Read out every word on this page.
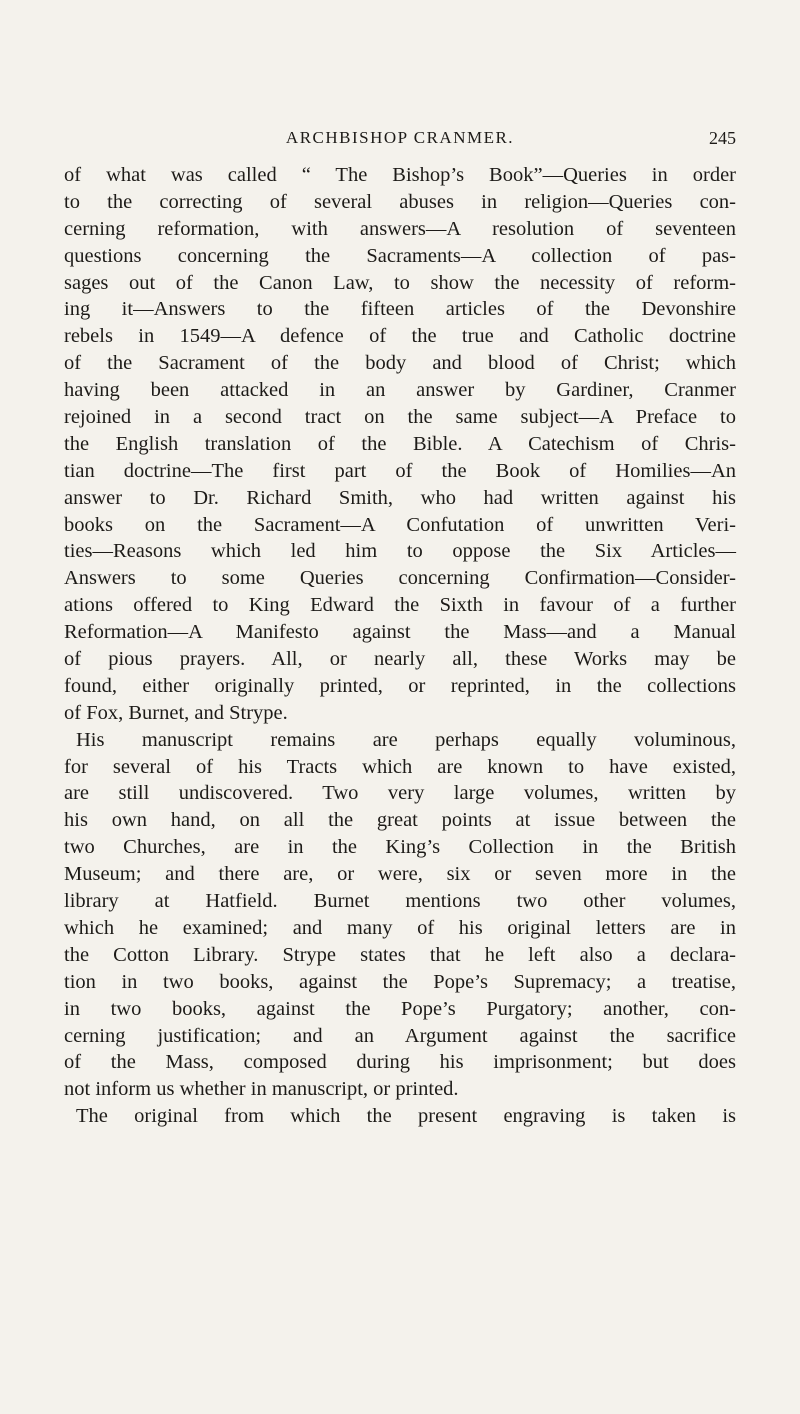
ARCHBISHOP CRANMER.	245
of what was called “ The Bishop’s Book”—Queries in order
to the correcting of several abuses in religion—Queries con-
cerning reformation, with answers—A resolution of seventeen
questions concerning the Sacraments—A collection of pas-
sages out of the Canon Law, to show the necessity of reform-
ing it—Answers to the fifteen articles of the Devonshire
rebels in 1549—A defence of the true and Catholic doctrine
of the Sacrament of the body and blood of Christ; which
having been attacked in an answer by Gardiner, Cranmer
rejoined in a second tract on the same subject—A Preface to
the English translation of the Bible. A Catechism of Chris-
tian doctrine—The first part of the Book of Homilies—An
answer to Dr. Richard Smith, who had written against his
books on the Sacrament—A Confutation of unwritten Veri-
ties—Reasons which led him to oppose the Six Articles—
Answers to some Queries concerning Confirmation—Consider-
ations offered to King Edward the Sixth in favour of a further
Reformation—A Manifesto against the Mass—and a Manual
of pious prayers. All, or nearly all, these Works may be
found, either originally printed, or reprinted, in the collections
of Fox, Burnet, and Strype.
His manuscript remains are perhaps equally voluminous,
for several of his Tracts which are known to have existed,
are still undiscovered. Two very large volumes, written by
his own hand, on all the great points at issue between the
two Churches, are in the King’s Collection in the British
Museum; and there are, or were, six or seven more in the
library at Hatfield. Burnet mentions two other volumes,
which he examined; and many of his original letters are in
the Cotton Library. Strype states that he left also a declara-
tion in two books, against the Pope’s Supremacy; a treatise,
in two books, against the Pope’s Purgatory; another, con-
cerning justification; and an Argument against the sacrifice
of the Mass, composed during his imprisonment; but does
not inform us whether in manuscript, or printed.
The original from which the present engraving is taken is
